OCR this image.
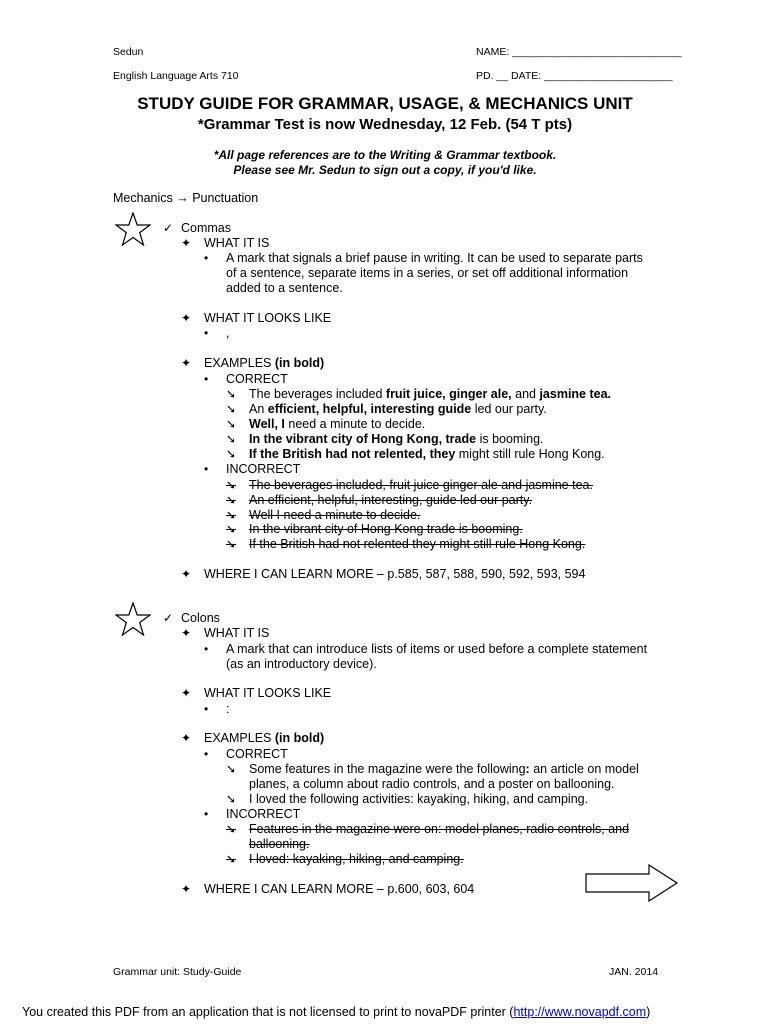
Sedun	NAME: _____________________________
English Language Arts 710	PD. __ DATE: ______________________
STUDY GUIDE FOR GRAMMAR, USAGE, & MECHANICS UNIT
*Grammar Test is now Wednesday, 12 Feb. (54 T pts)
*All page references are to the Writing & Grammar textbook.
Please see Mr. Sedun to sign out a copy, if you'd like.
Mechanics → Punctuation
✓ Commas
✦ WHAT IT IS
• A mark that signals a brief pause in writing. It can be used to separate parts of a sentence, separate items in a series, or set off additional information added to a sentence.
✦ WHAT IT LOOKS LIKE
• ,
✦ EXAMPLES (in bold)
• CORRECT
➘ The beverages included fruit juice, ginger ale, and jasmine tea.
➘ An efficient, helpful, interesting guide led our party.
➘ Well, I need a minute to decide.
➘ In the vibrant city of Hong Kong, trade is booming.
➘ If the British had not relented, they might still rule Hong Kong.
• INCORRECT
➘ The beverages included, fruit juice ginger ale and jasmine tea.
➘ An efficient, helpful, interesting, guide led our party.
➘ Well I need a minute to decide.
➘ In the vibrant city of Hong Kong trade is booming.
➘ If the British had not relented they might still rule Hong Kong.
✦ WHERE I CAN LEARN MORE – p.585, 587, 588, 590, 592, 593, 594
✓ Colons
✦ WHAT IT IS
• A mark that can introduce lists of items or used before a complete statement (as an introductory device).
✦ WHAT IT LOOKS LIKE
• :
✦ EXAMPLES (in bold)
• CORRECT
➘ Some features in the magazine were the following: an article on model planes, a column about radio controls, and a poster on ballooning.
➘ I loved the following activities: kayaking, hiking, and camping.
• INCORRECT
➘ Features in the magazine were on: model planes, radio controls, and ballooning.
➘ I loved: kayaking, hiking, and camping.
✦ WHERE I CAN LEARN MORE – p.600, 603, 604
Grammar unit: Study-Guide	JAN. 2014
You created this PDF from an application that is not licensed to print to novaPDF printer (http://www.novapdf.com)
